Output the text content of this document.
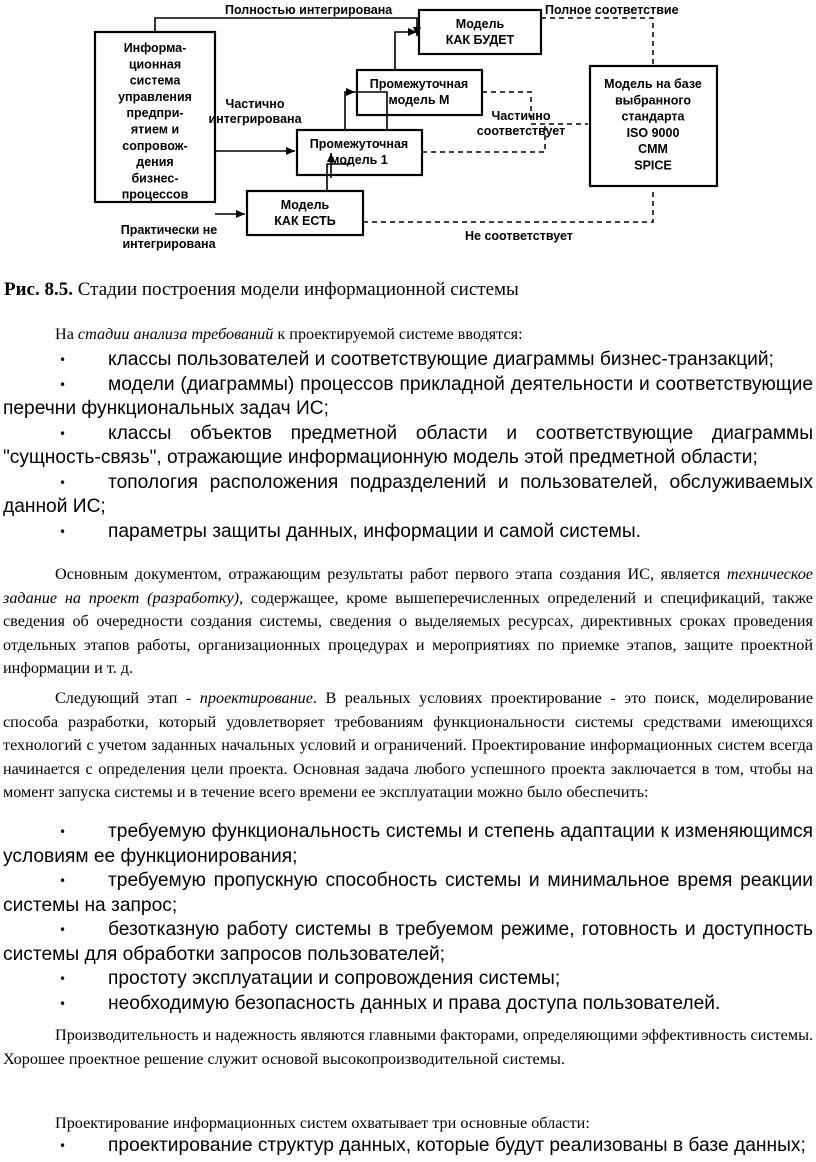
Информа-
ционная
система
управления
предпри-
ятием и
сопровож-
дения
бизнес-
процессов
Модель
КАК БУДЕТ
Промежуточная
модель М
Промежуточная
модель 1
Модель
КАК ЕСТЬ
Модель на базе
выбранного
стандарта
ISO 9000
CMM
SPICE
Полностью интегрирована	Полное соответствие
Частично
интегрирована	Частично
соответствует
Практически не
интегрирована
Не соответствует
Рис. 8.5. Стадии построения модели информационной системы

На стадии анализа требований к проектируемой системе вводятся:

• классы пользователей и соответствующие диаграммы бизнес-транзакций;
• модели (диаграммы) процессов прикладной деятельности и соответствующие перечни функциональных задач ИС;
• классы объектов предметной области и соответствующие диаграммы "сущность-связь", отражающие информационную модель этой предметной области;
• топология расположения подразделений и пользователей, обслуживаемых данной ИС;
• параметры защиты данных, информации и самой системы.

Основным документом, отражающим результаты работ первого этапа создания ИС, является техническое задание на проект (разработку), содержащее, кроме вышеперечисленных определений и спецификаций, также сведения об очередности создания системы, сведения о выделяемых ресурсах, директивных сроках проведения отдельных этапов работы, организационных процедурах и мероприятиях по приемке этапов, защите проектной информации и т. д.

Следующий этап - проектирование. В реальных условиях проектирование - это поиск, моделирование способа разработки, который удовлетворяет требованиям функциональности системы средствами имеющихся технологий с учетом заданных начальных условий и ограничений. Проектирование информационных систем всегда начинается с определения цели проекта. Основная задача любого успешного проекта заключается в том, чтобы на момент запуска системы и в течение всего времени ее эксплуатации можно было обеспечить:

• требуемую функциональность системы и степень адаптации к изменяющимся условиям ее функционирования;
• требуемую пропускную способность системы и минимальное время реакции системы на запрос;
• безотказную работу системы в требуемом режиме, готовность и доступность системы для обработки запросов пользователей;
• простоту эксплуатации и сопровождения системы;
• необходимую безопасность данных и права доступа пользователей.

Производительность и надежность являются главными факторами, определяющими эффективность системы. Хорошее проектное решение служит основой высокопроизводительной системы.

Проектирование информационных систем охватывает три основные области:

• проектирование структур данных, которые будут реализованы в базе данных;
